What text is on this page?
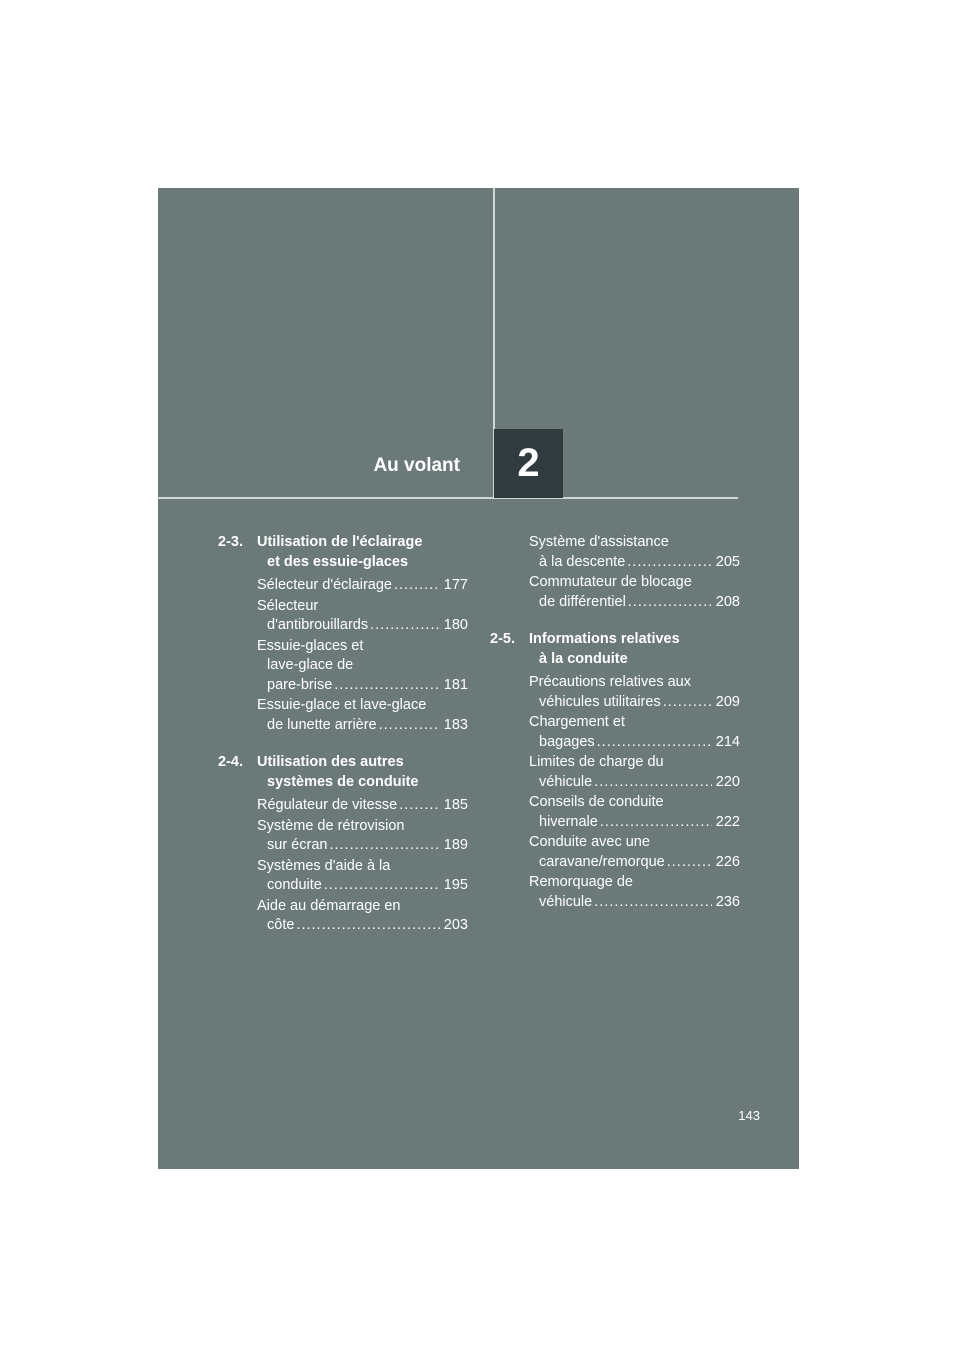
Au volant 2
2-3. Utilisation de l'éclairage
et des essuie-glaces
Sélecteur d'éclairage .....	177
Sélecteur
d'antibrouillards .....	180
Essuie-glaces et
lave-glace de
pare-brise .....	181
Essuie-glace et lave-glace
de lunette arrière .....	183
2-4. Utilisation des autres
systèmes de conduite
Régulateur de vitesse .....	185
Système de rétrovision
sur écran .....	189
Systèmes d'aide à la
conduite .....	195
Aide au démarrage en
côte .....	203
Système d'assistance
à la descente .....	205
Commutateur de blocage
de différentiel .....	208
2-5. Informations relatives
à la conduite
Précautions relatives aux
véhicules utilitaires .....	209
Chargement et
bagages .....	214
Limites de charge du
véhicule .....	220
Conseils de conduite
hivernale .....	222
Conduite avec une
caravane/remorque .....	226
Remorquage de
véhicule .....	236
143
